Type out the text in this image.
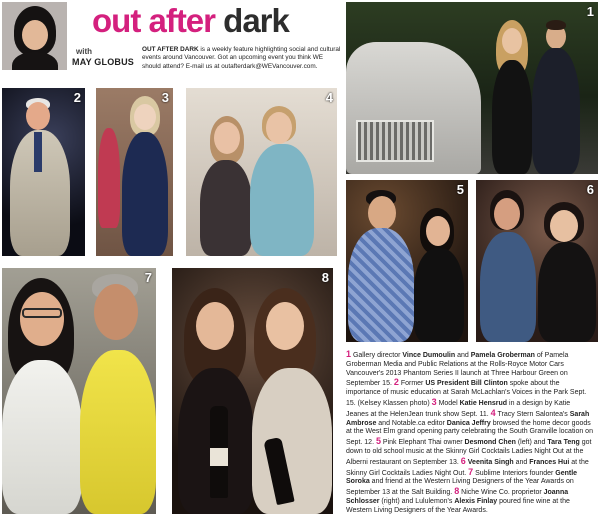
out after dark
with
MAY GLOBUS
OUT AFTER DARK is a weekly feature highlighting social and cultural events around Vancouver. Got an upcoming event you think WE should attend? E-mail us at outafterdark@WEVancouver.com.
1
2	3	4
5	6
7	8
1 Gallery director Vince Dumoulin and Pamela Groberman of Pamela Groberman Media and Public Relations at the Rolls-Royce Motor Cars Vancouver's 2013 Phantom Series II launch at Three Harbour Green on September 15. 2 Former US President Bill Clinton spoke about the importance of music education at Sarah McLachlan's Voices in the Park Sept. 15. (Kelsey Klassen photo) 3 Model Katie Hensrud in a design by Katie Jeanes at the HelenJean trunk show Sept. 11. 4 Tracy Stern Salontea's Sarah Ambrose and Notable.ca editor Danica Jeffry browsed the home decor goods at the West Elm grand opening party celebrating the South Granville location on Sept. 12. 5 Pink Elephant Thai owner Desmond Chen (left) and Tara Teng got down to old school music at the Skinny Girl Cocktails Ladies Night Out at the Alberni restaurant on September 13. 6 Veenita Singh and Frances Hui at the Skinny Girl Cocktails Ladies Night Out. 7 Sublime Interiors founder Gentle Soroka and friend at the Western Living Designers of the Year Awards on September 13 at the Salt Building. 8 Niche Wine Co. proprietor Joanna Schlosser (right) and Lululemon's Alexis Finlay poured fine wine at the Western Living Designers of the Year Awards.
